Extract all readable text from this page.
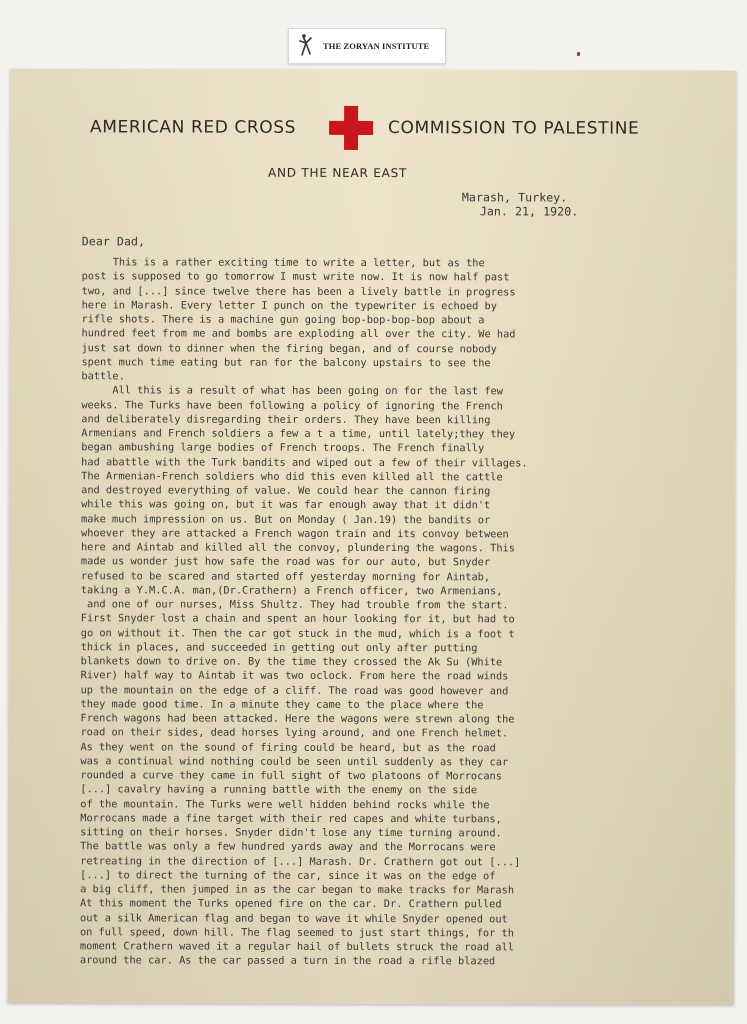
THE ZORYAN INSTITUTE
AMERICAN RED CROSS	COMMISSION TO PALESTINE
AND THE NEAR EAST
Marash, Turkey.
Jan. 21, 1920.
Dear Dad,
This is a rather exciting time to write a letter, but as the
post is supposed to go tomorrow I must write now. It is now half past
two, and [...] since twelve there has been a lively battle in progress
here in Marash. Every letter I punch on the typewriter is echoed by
rifle shots. There is a machine gun going bop-bop-bop-bop about a
hundred feet from me and bombs are exploding all over the city. We had
just sat down to dinner when the firing began, and of course nobody
spent much time eating but ran for the balcony upstairs to see the
battle.
All this is a result of what has been going on for the last few
weeks. The Turks have been following a policy of ignoring the French
and deliberately disregarding their orders. They have been killing
Armenians and French soldiers a few a t a time, until lately;they they
began ambushing large bodies of French troops. The French finally
had abattle with the Turk bandits and wiped out a few of their villages.
The Armenian-French soldiers who did this even killed all the cattle
and destroyed everything of value. We could hear the cannon firing
while this was going on, but it was far enough away that it didn't
make much impression on us. But on Monday ( Jan.19) the bandits or
whoever they are attacked a French wagon train and its convoy between
here and Aintab and killed all the convoy, plundering the wagons. This
made us wonder just how safe the road was for our auto, but Snyder
refused to be scared and started off yesterday morning for Aintab,
taking a Y.M.C.A. man,(Dr.Crathern) a French officer, two Armenians,
and one of our nurses, Miss Shultz. They had trouble from the start.
First Snyder lost a chain and spent an hour looking for it, but had to
go on without it. Then the car got stuck in the mud, which is a foot t
thick in places, and succeeded in getting out only after putting
blankets down to drive on. By the time they crossed the Ak Su (White
River) half way to Aintab it was two oclock. From here the road winds
up the mountain on the edge of a cliff. The road was good however and
they made good time. In a minute they came to the place where the
French wagons had been attacked. Here the wagons were strewn along the
road on their sides, dead horses lying around, and one French helmet.
As they went on the sound of firing could be heard, but as the road
was a continual wind nothing could be seen until suddenly as they car
rounded a curve they came in full sight of two platoons of Morrocans
[...] cavalry having a running battle with the enemy on the side
of the mountain. The Turks were well hidden behind rocks while the
Morrocans made a fine target with their red capes and white turbans,
sitting on their horses. Snyder didn't lose any time turning around.
The battle was only a few hundred yards away and the Morrocans were
retreating in the direction of [...] Marash. Dr. Crathern got out [...]
[...] to direct the turning of the car, since it was on the edge of
a big cliff, then jumped in as the car began to make tracks for Marash
At this moment the Turks opened fire on the car. Dr. Crathern pulled
out a silk American flag and began to wave it while Snyder opened out
on full speed, down hill. The flag seemed to just start things, for th
moment Crathern waved it a regular hail of bullets struck the road all
around the car. As the car passed a turn in the road a rifle blazed
